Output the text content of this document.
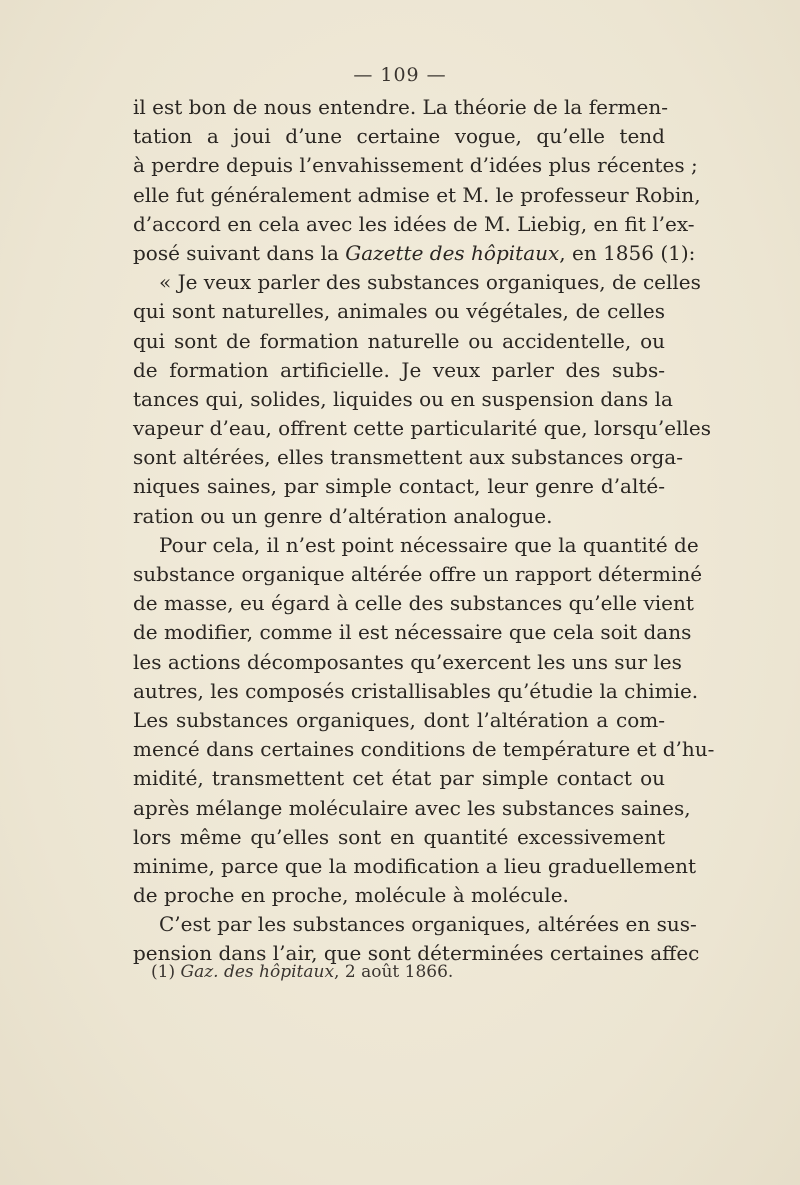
— 109 —
il est bon de nous entendre. La théorie de la fermen-
tation a joui d’une certaine vogue, qu’elle tend
à perdre depuis l’envahissement d’idées plus récentes ;
elle fut généralement admise et M. le professeur Robin,
d’accord en cela avec les idées de M. Liebig, en fit l’ex-
posé suivant dans la Gazette des hôpitaux, en 1856 (1):
« Je veux parler des substances organiques, de celles
qui sont naturelles, animales ou végétales, de celles
qui sont de formation naturelle ou accidentelle, ou
de formation artificielle. Je veux parler des subs-
tances qui, solides, liquides ou en suspension dans la
vapeur d’eau, offrent cette particularité que, lorsqu’elles
sont altérées, elles transmettent aux substances orga-
niques saines, par simple contact, leur genre d’alté-
ration ou un genre d’altération analogue.
Pour cela, il n’est point nécessaire que la quantité de
substance organique altérée offre un rapport déterminé
de masse, eu égard à celle des substances qu’elle vient
de modifier, comme il est nécessaire que cela soit dans
les actions décomposantes qu’exercent les uns sur les
autres, les composés cristallisables qu’étudie la chimie.
Les substances organiques, dont l’altération a com-
mencé dans certaines conditions de température et d’hu-
midité, transmettent cet état par simple contact ou
après mélange moléculaire avec les substances saines,
lors même qu’elles sont en quantité excessivement
minime, parce que la modification a lieu graduellement
de proche en proche, molécule à molécule.
C’est par les substances organiques, altérées en sus-
pension dans l’air, que sont déterminées certaines affec
(1) Gaz. des hôpitaux, 2 août 1866.
